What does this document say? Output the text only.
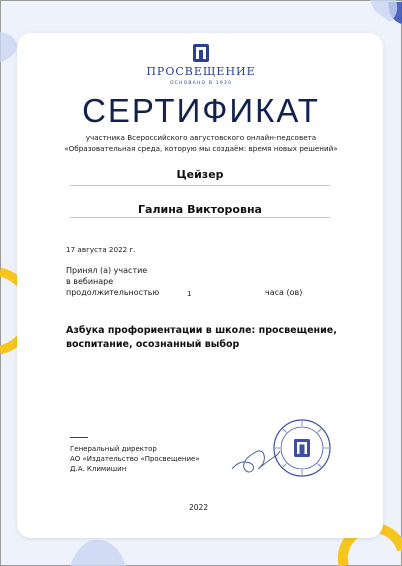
ПРОСВЕЩЕНИЕ
ОСНОВАНО В 1930
СЕРТИФИКАТ
участника Всероссийского августовского онлайн-педсовета
«Образовательная среда, которую мы создаём: время новых решений»
Цейзер
Галина Викторовна
17 августа 2022 г.
Принял (а) участие
в вебинаре
продолжительностью	1	часа (ов)
Азбука профориентации в школе: просвещение, воспитание, осознанный выбор
Генеральный директор
АО «Издательство «Просвещение»
Д.А. Климишин
2022
